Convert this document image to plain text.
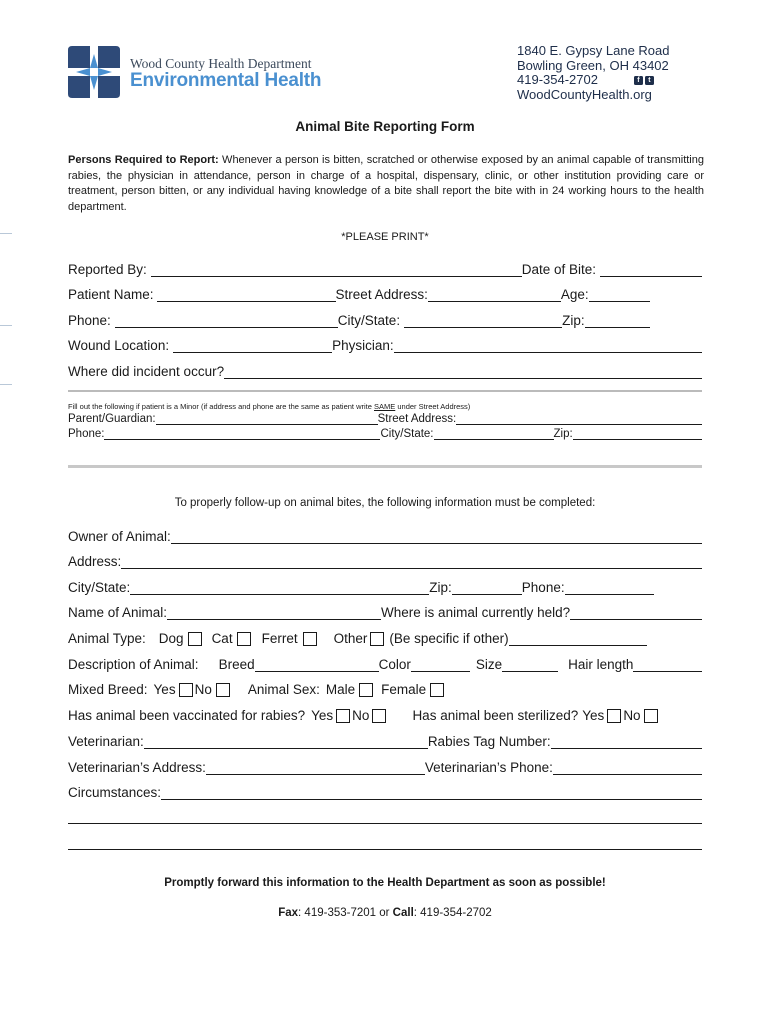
Wood County Health Department
Environmental Health
1840 E. Gypsy Lane Road
Bowling Green, OH 43402
419-354-2702	f	t
WoodCountyHealth.org
Animal Bite Reporting Form
Persons Required to Report: Whenever a person is bitten, scratched or otherwise exposed by an animal capable of transmitting rabies, the physician in attendance, person in charge of a hospital, dispensary, clinic, or other institution providing care or treatment, person bitten, or any individual having knowledge of a bite shall report the bite with in 24 working hours to the health department.
*PLEASE PRINT*
Reported By:	Date of Bite:
Patient Name:	Street Address:	Age:
Phone:	City/State:	Zip:
Wound Location:	Physician:
Where did incident occur?
Fill out the following if patient is a Minor (if address and phone are the same as patient write SAME under Street Address)
Parent/Guardian:	Street Address:
Phone:	City/State:	Zip:
To properly follow-up on animal bites, the following information must be completed:
Owner of Animal:
Address:
City/State:	Zip:	Phone:
Name of Animal:	Where is animal currently held?
Animal Type: Dog Cat Ferret	Other (Be specific if other)
Description of Animal: Breed	Color	Size	Hair length
Mixed Breed: Yes No	Animal Sex: Male Female
Has animal been vaccinated for rabies? Yes No	Has animal been sterilized? Yes No
Veterinarian:	Rabies Tag Number:
Veterinarian’s Address:	Veterinarian’s Phone:
Circumstances:
Promptly forward this information to the Health Department as soon as possible!
Fax: 419-353-7201 or Call: 419-354-2702
